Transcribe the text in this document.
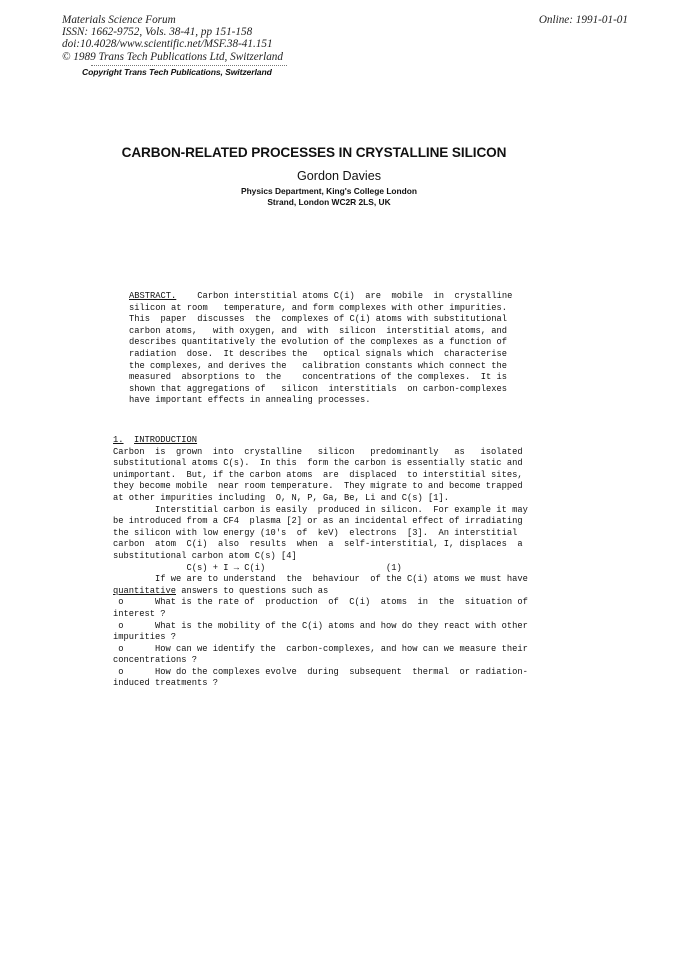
Materials Science Forum
ISSN: 1662-9752, Vols. 38-41, pp 151-158
doi:10.4028/www.scientific.net/MSF.38-41.151
© 1989 Trans Tech Publications Ltd, Switzerland
Online: 1991-01-01
Copyright Trans Tech Publications, Switzerland
CARBON-RELATED PROCESSES IN CRYSTALLINE SILICON
Gordon Davies
Physics Department, King's College London
Strand, London WC2R 2LS, UK
ABSTRACT.    Carbon interstitial atoms C(i)  are  mobile  in  crystalline
silicon at room   temperature, and form complexes with other impurities.
This  paper  discusses  the  complexes of C(i) atoms with substitutional
carbon atoms,   with oxygen, and  with  silicon  interstitial atoms, and
describes quantitatively the evolution of the complexes as a function of
radiation  dose.  It describes the   optical signals which  characterise
the complexes, and derives the   calibration constants which connect the
measured  absorptions to  the    concentrations of the complexes.  It is
shown that aggregations of   silicon  interstitials  on carbon-complexes
have important effects in annealing processes.
1. INTRODUCTION
Carbon  is  grown  into  crystalline   silicon   predominantly   as   isolated
substitutional atoms C(s).  In this  form the carbon is essentially static and
unimportant.  But, if the carbon atoms  are  displaced  to interstitial sites,
they become mobile  near room temperature.  They migrate to and become trapped
at other impurities including  O, N, P, Ga, Be, Li and C(s) [1].
Interstitial carbon is easily  produced in silicon.  For example it may
be introduced from a CF4  plasma [2] or as an incidental effect of irradiating
the silicon with low energy (10's  of  keV)  electrons  [3].  An interstitial
carbon  atom  C(i)  also  results  when  a  self-interstitial, I, displaces  a
substitutional carbon atom C(s) [4]
C(s) + I → C(i)                       (1)
If we are to understand  the  behaviour  of the C(i) atoms we must have
quantitative answers to questions such as
o      What is the rate of  production  of  C(i)  atoms  in  the  situation of
interest ?
o      What is the mobility of the C(i) atoms and how do they react with other
impurities ?
o      How can we identify the  carbon-complexes, and how can we measure their
concentrations ?
o      How do the complexes evolve  during  subsequent  thermal  or radiation-
induced treatments ?
